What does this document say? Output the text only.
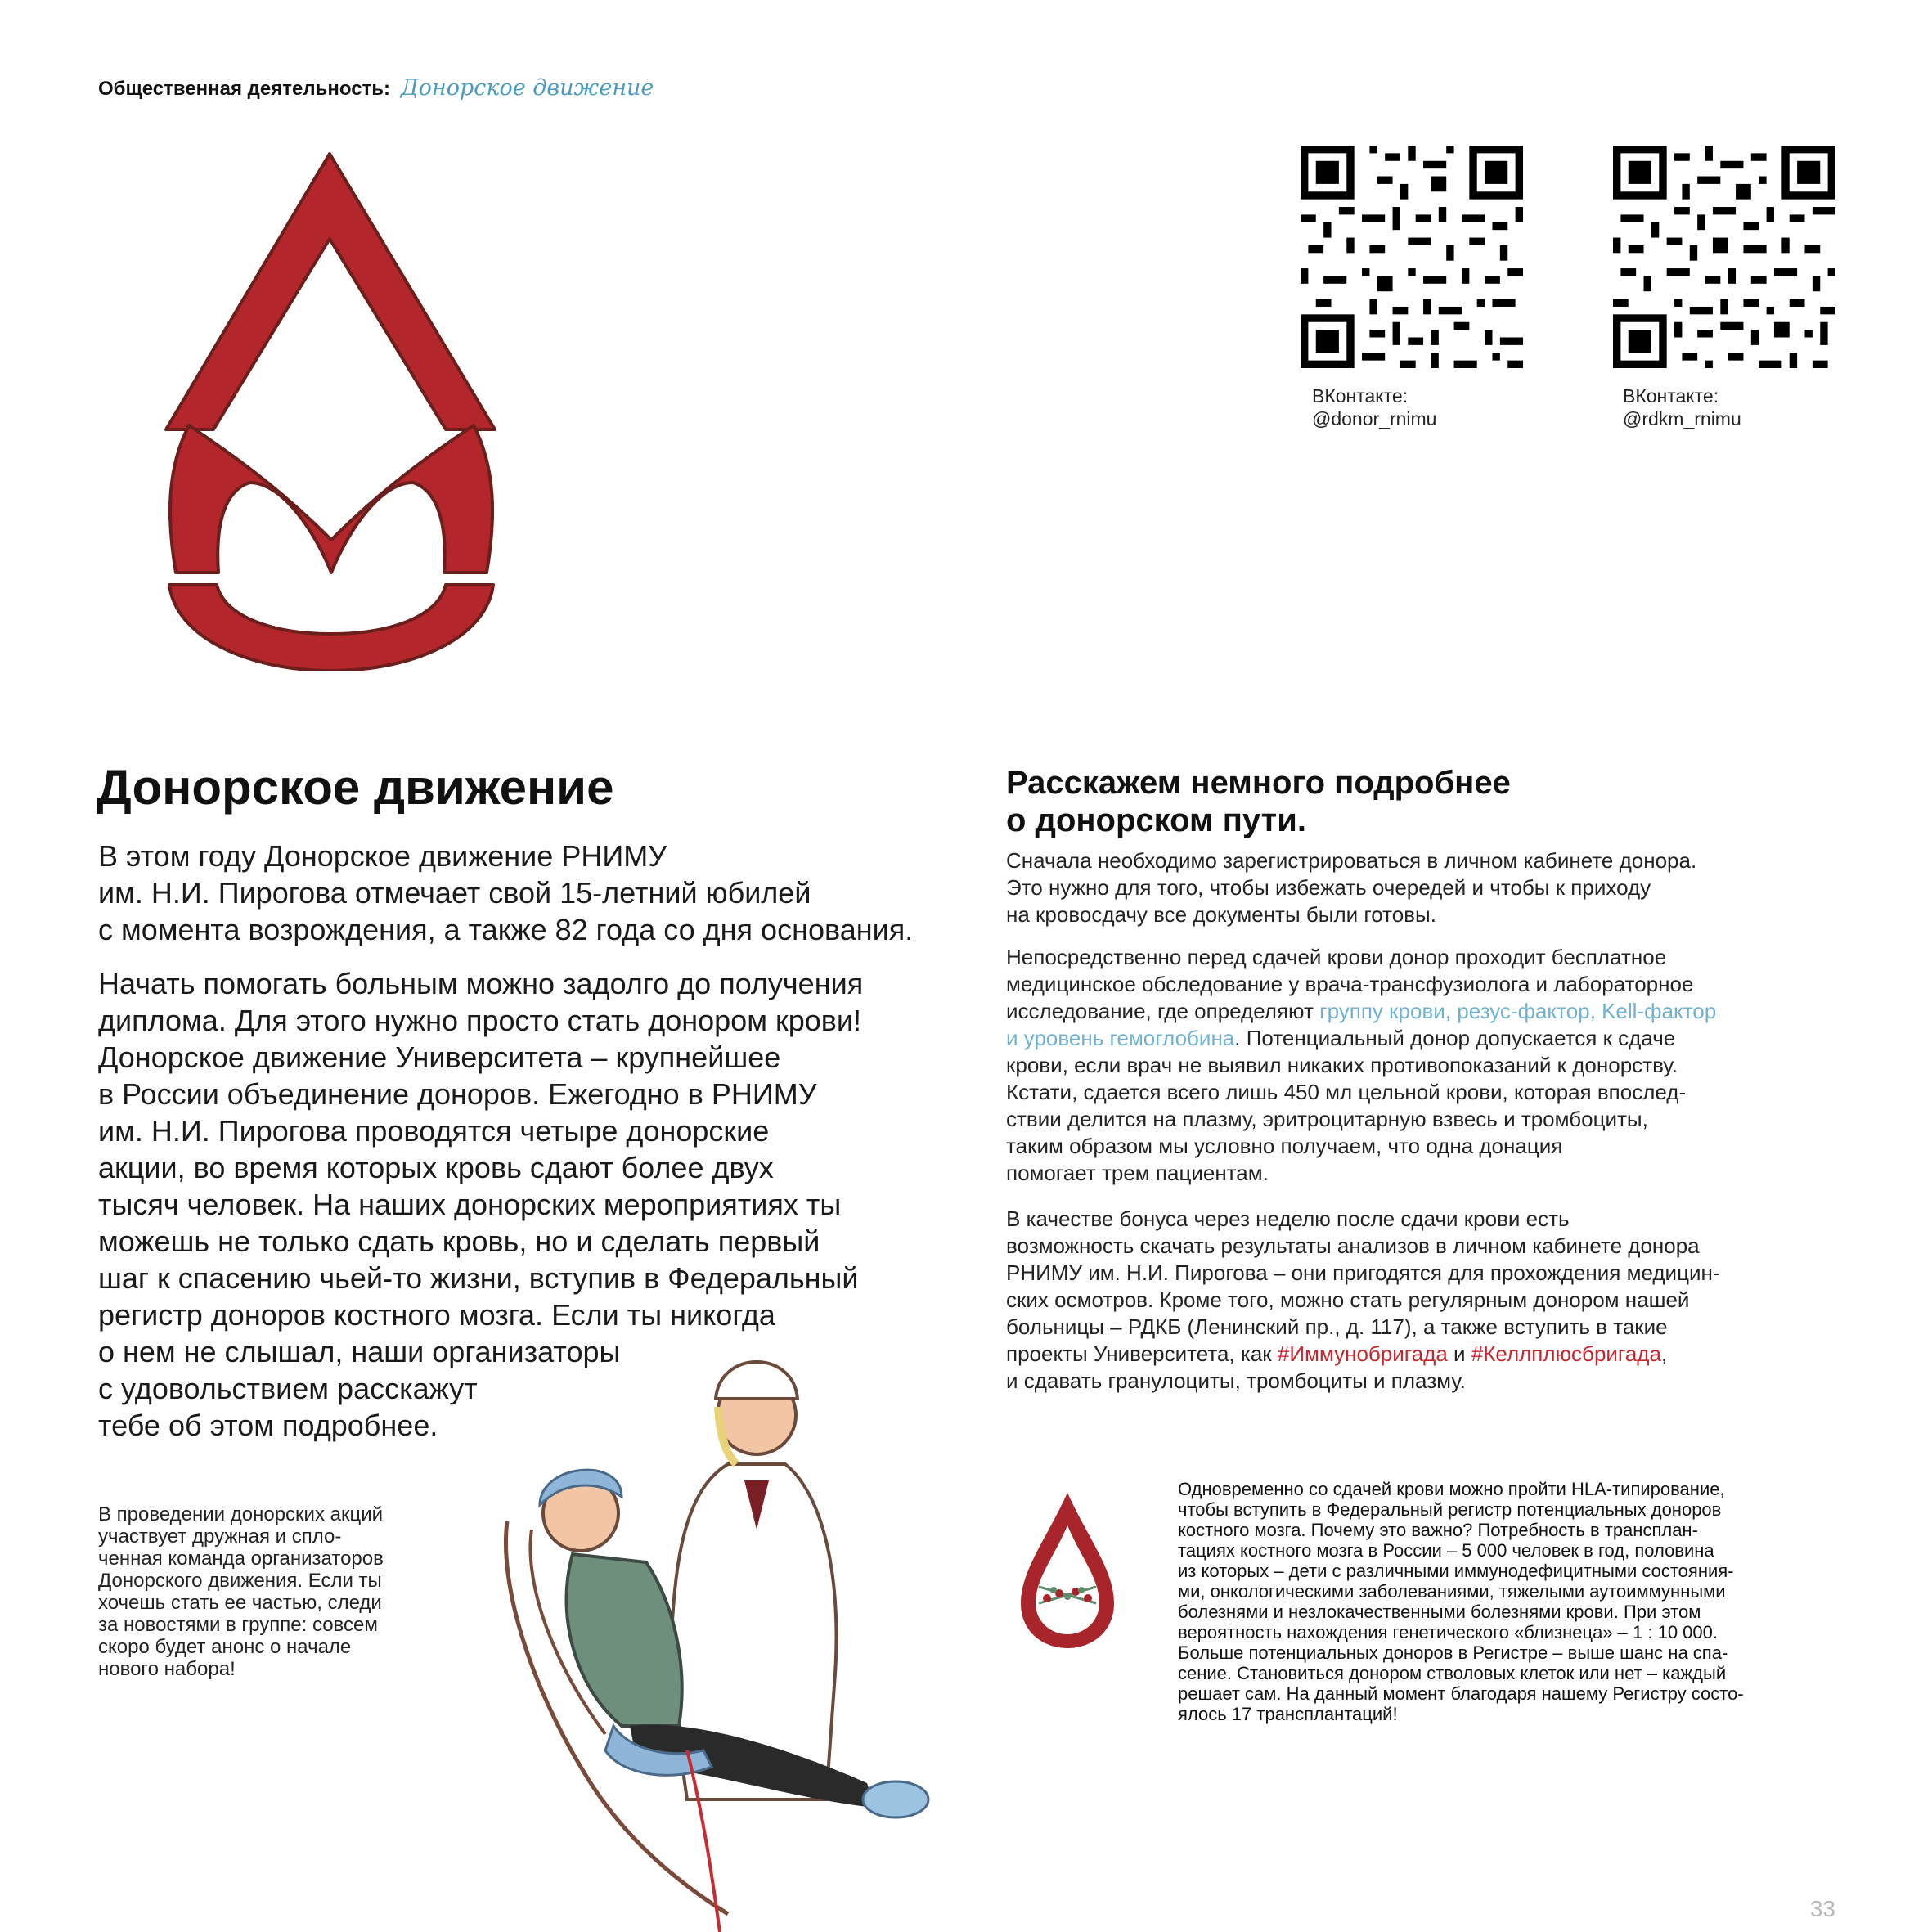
Общественная деятельность: Донорское движение
ВКонтакте:
@donor_rnimu
ВКонтакте:
@rdkm_rnimu
Донорское движение
В этом году Донорское движение РНИМУ
им. Н.И. Пирогова отмечает свой 15-летний юбилей
с момента возрождения, а также 82 года со дня основания.
Начать помогать больным можно задолго до получения
диплома. Для этого нужно просто стать донором крови!
Донорское движение Университета – крупнейшее
в России объединение доноров. Ежегодно в РНИМУ
им. Н.И. Пирогова проводятся четыре донорские
акции, во время которых кровь сдают более двух
тысяч человек. На наших донорских мероприятиях ты
можешь не только сдать кровь, но и сделать первый
шаг к спасению чьей-то жизни, вступив в Федеральный
регистр доноров костного мозга. Если ты никогда
о нем не слышал, наши организаторы
с удовольствием расскажут
тебе об этом подробнее.
Расскажем немного подробнее
о донорском пути.
Сначала необходимо зарегистрироваться в личном кабинете донора.
Это нужно для того, чтобы избежать очередей и чтобы к приходу
на кровосдачу все документы были готовы.
Непосредственно перед сдачей крови донор проходит бесплатное
медицинское обследование у врача-трансфузиолога и лабораторное
исследование, где определяют группу крови, резус-фактор, Kell-фактор
и уровень гемоглобина. Потенциальный донор допускается к сдаче
крови, если врач не выявил никаких противопоказаний к донорству.
Кстати, сдается всего лишь 450 мл цельной крови, которая впослед-
ствии делится на плазму, эритроцитарную взвесь и тромбоциты,
таким образом мы условно получаем, что одна донация
помогает трем пациентам.
В качестве бонуса через неделю после сдачи крови есть
возможность скачать результаты анализов в личном кабинете донора
РНИМУ им. Н.И. Пирогова – они пригодятся для прохождения медицин-
ских осмотров. Кроме того, можно стать регулярным донором нашей
больницы – РДКБ (Ленинский пр., д. 117), а также вступить в такие
проекты Университета, как #Иммунобригада и #Келлплюсбригада,
и сдавать гранулоциты, тромбоциты и плазму.
В проведении донорских акций
участвует дружная и спло-
ченная команда организаторов
Донорского движения. Если ты
хочешь стать ее частью, следи
за новостями в группе: совсем
скоро будет анонс о начале
нового набора!
Одновременно со сдачей крови можно пройти HLA-типирование,
чтобы вступить в Федеральный регистр потенциальных доноров
костного мозга. Почему это важно? Потребность в трансплан-
тациях костного мозга в России – 5 000 человек в год, половина
из которых – дети с различными иммунодефицитными состояния-
ми, онкологическими заболеваниями, тяжелыми аутоиммунными
болезнями и незлокачественными болезнями крови. При этом
вероятность нахождения генетического «близнеца» – 1 : 10 000.
Больше потенциальных доноров в Регистре – выше шанс на спа-
сение. Становиться донором стволовых клеток или нет – каждый
решает сам. На данный момент благодаря нашему Регистру состо-
ялось 17 трансплантаций!
33
